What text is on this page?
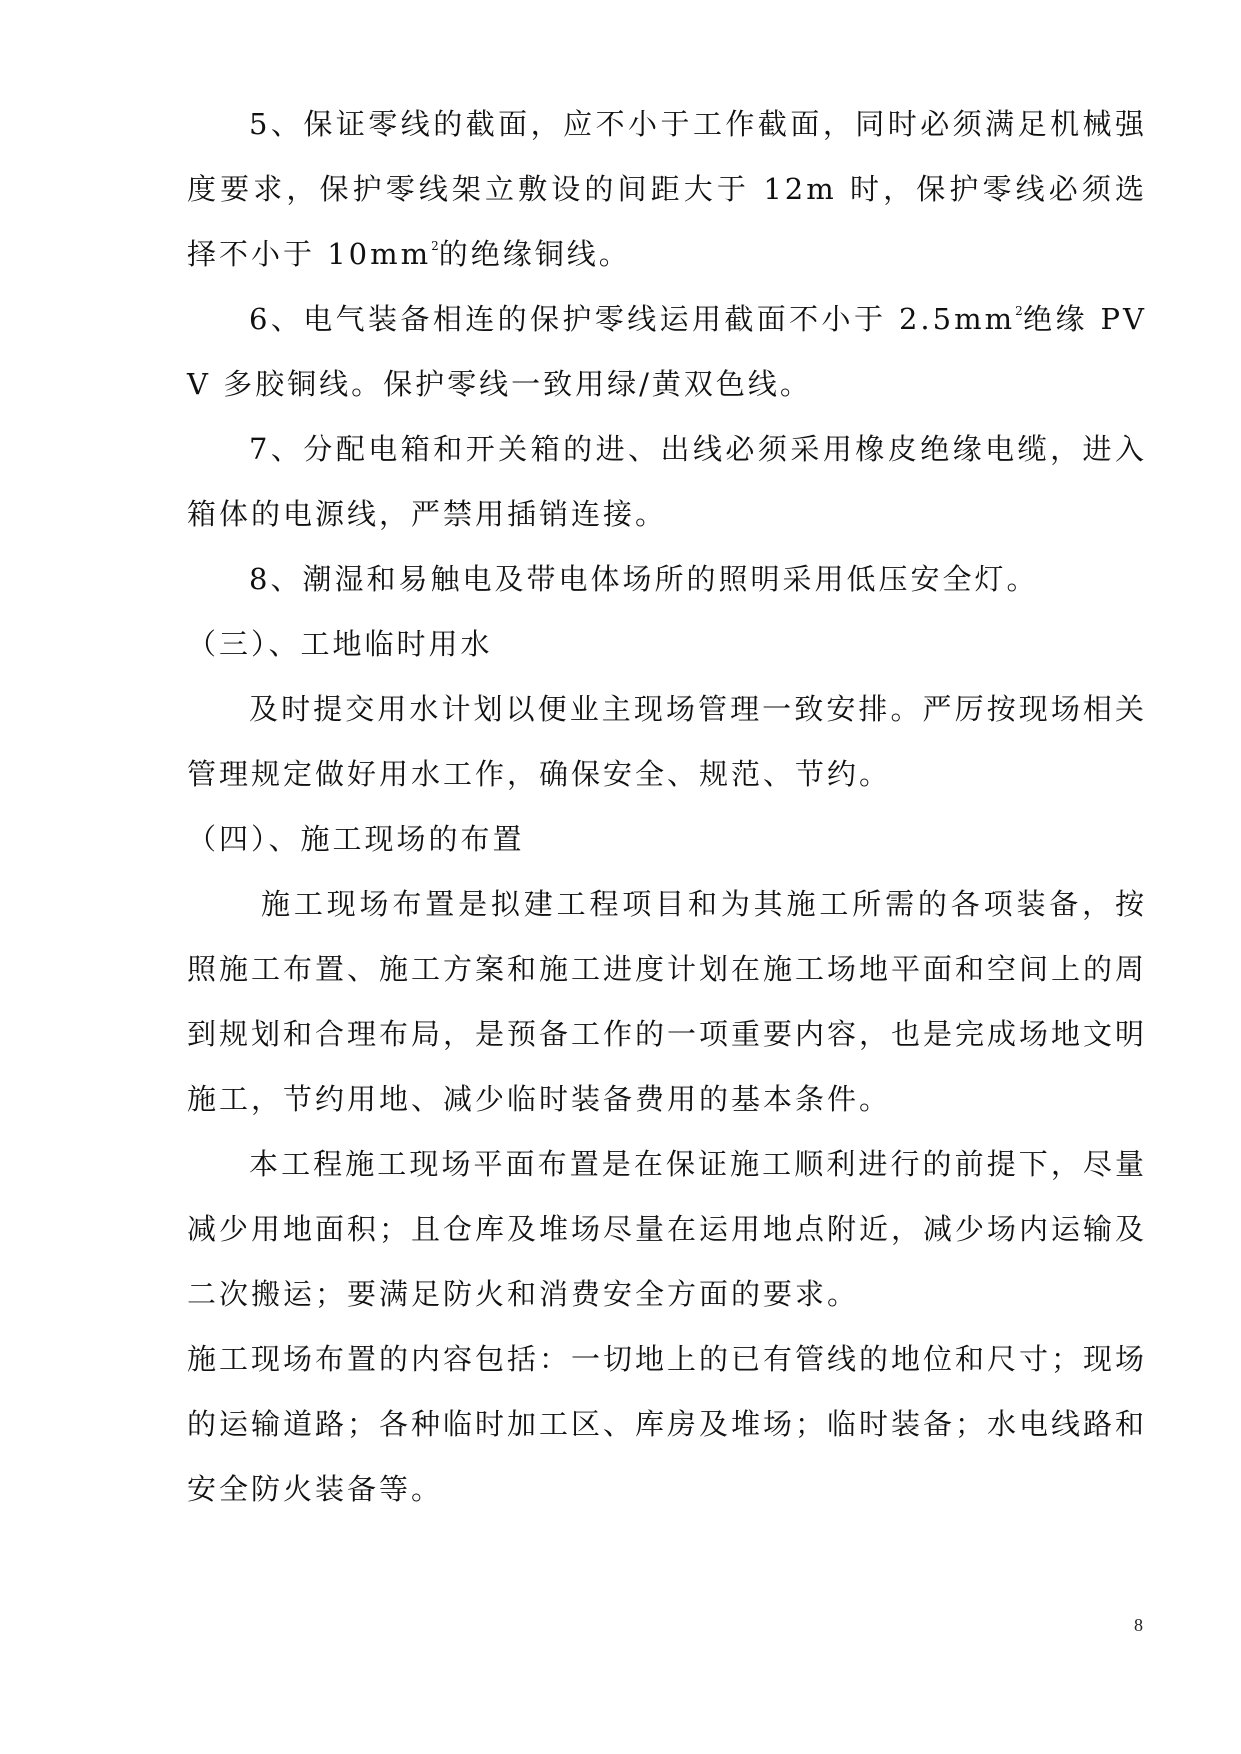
5、保证零线的截面，应不小于工作截面，同时必须满足机械强度要求，保护零线架立敷设的间距大于 12m 时，保护零线必须选择不小于 $10mm^2$的绝缘铜线。

6、电气装备相连的保护零线运用截面不小于 $2.5mm^2$绝缘 PVV 多胶铜线。保护零线一致用绿/黄双色线。

7、分配电箱和开关箱的进、出线必须采用橡皮绝缘电缆，进入箱体的电源线，严禁用插销连接。

8、潮湿和易触电及带电体场所的照明采用低压安全灯。

（三）、工地临时用水

及时提交用水计划以便业主现场管理一致安排。严厉按现场相关管理规定做好用水工作，确保安全、规范、节约。

（四）、施工现场的布置

施工现场布置是拟建工程项目和为其施工所需的各项装备，按照施工布置、施工方案和施工进度计划在施工场地平面和空间上的周到规划和合理布局，是预备工作的一项重要内容，也是完成场地文明施工，节约用地、减少临时装备费用的基本条件。

本工程施工现场平面布置是在保证施工顺利进行的前提下，尽量减少用地面积；且仓库及堆场尽量在运用地点附近，减少场内运输及二次搬运；要满足防火和消费安全方面的要求。

施工现场布置的内容包括：一切地上的已有管线的地位和尺寸；现场的运输道路；各种临时加工区、库房及堆场；临时装备；水电线路和安全防火装备等。

8
